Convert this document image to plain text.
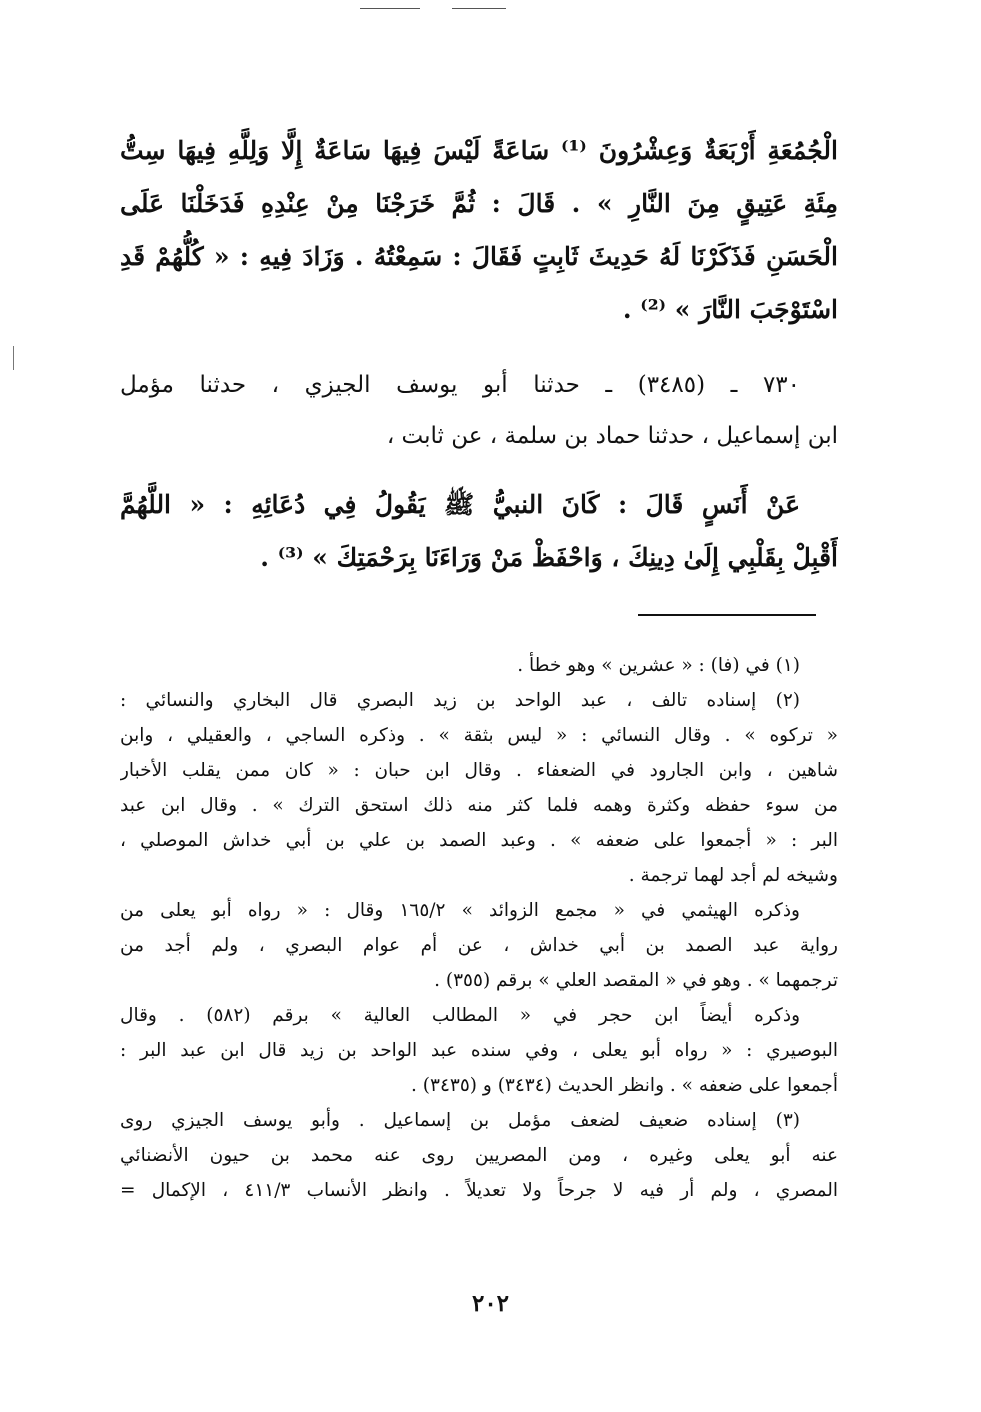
الْجُمُعَةِ أَرْبَعَةٌ وَعِشْرُونَ ⁽¹⁾ سَاعَةً لَيْسَ فِيهَا سَاعَةٌ إِلَّا وَلِلَّهِ فِيهَا سِتُّ
مِئَةِ عَتِيقٍ مِنَ النَّارِ » . قَالَ : ثُمَّ خَرَجْنَا مِنْ عِنْدِهِ فَدَخَلْنَا عَلَى
الْحَسَنِ فَذَكَرْنَا لَهُ حَدِيثَ ثَابِتٍ فَقَالَ : سَمِعْتُهُ . وَزَادَ فِيهِ : « كُلُّهُمْ قَدِ
اسْتَوْجَبَ النَّارَ » ⁽²⁾ .
٧٣٠ ـ (٣٤٨٥) ـ حدثنا أبو يوسف الجيزي ، حدثنا مؤمل
ابن إسماعيل ، حدثنا حماد بن سلمة ، عن ثابت ،
عَنْ أَنَسٍ قَالَ : كَانَ النبيُّ ﷺ يَقُولُ فِي دُعَائِهِ : « اللَّهُمَّ
أَقْبِلْ بِقَلْبِي إِلَىٰ دِينِكَ ، وَاحْفَظْ مَنْ وَرَاءَنَا بِرَحْمَتِكَ » ⁽³⁾ .
(١) في (فا) : « عشرين » وهو خطأ .
(٢) إسناده تالف ، عبد الواحد بن زيد البصري قال البخاري والنسائي :
« تركوه » . وقال النسائي : « ليس بثقة » . وذكره الساجي ، والعقيلي ، وابن
شاهين ، وابن الجارود في الضعفاء . وقال ابن حبان : « كان ممن يقلب الأخبار
من سوء حفظه وكثرة وهمه فلما كثر منه ذلك استحق الترك » . وقال ابن عبد
البر : « أجمعوا على ضعفه » . وعبد الصمد بن علي بن أبي خداش الموصلي ،
وشيخه لم أجد لهما ترجمة .
وذكره الهيثمي في « مجمع الزوائد » ١٦٥/٢ وقال : « رواه أبو يعلى من
رواية عبد الصمد بن أبي خداش ، عن أم عوام البصري ، ولم أجد من
ترجمهما » . وهو في « المقصد العلي » برقم (٣٥٥) .
وذكره أيضاً ابن حجر في « المطالب العالية » برقم (٥٨٢) . وقال
البوصيري : « رواه أبو يعلى ، وفي سنده عبد الواحد بن زيد قال ابن عبد البر :
أجمعوا على ضعفه » . وانظر الحديث (٣٤٣٤) و (٣٤٣٥) .
(٣) إسناده ضعيف لضعف مؤمل بن إسماعيل . وأبو يوسف الجيزي روى
عنه أبو يعلى وغيره ، ومن المصريين روى عنه محمد بن حيون الأنضنائي
المصري ، ولم أر فيه لا جرحاً ولا تعديلاً . وانظر الأنساب ٤١١/٣ ، الإكمال =
٢٠٢
